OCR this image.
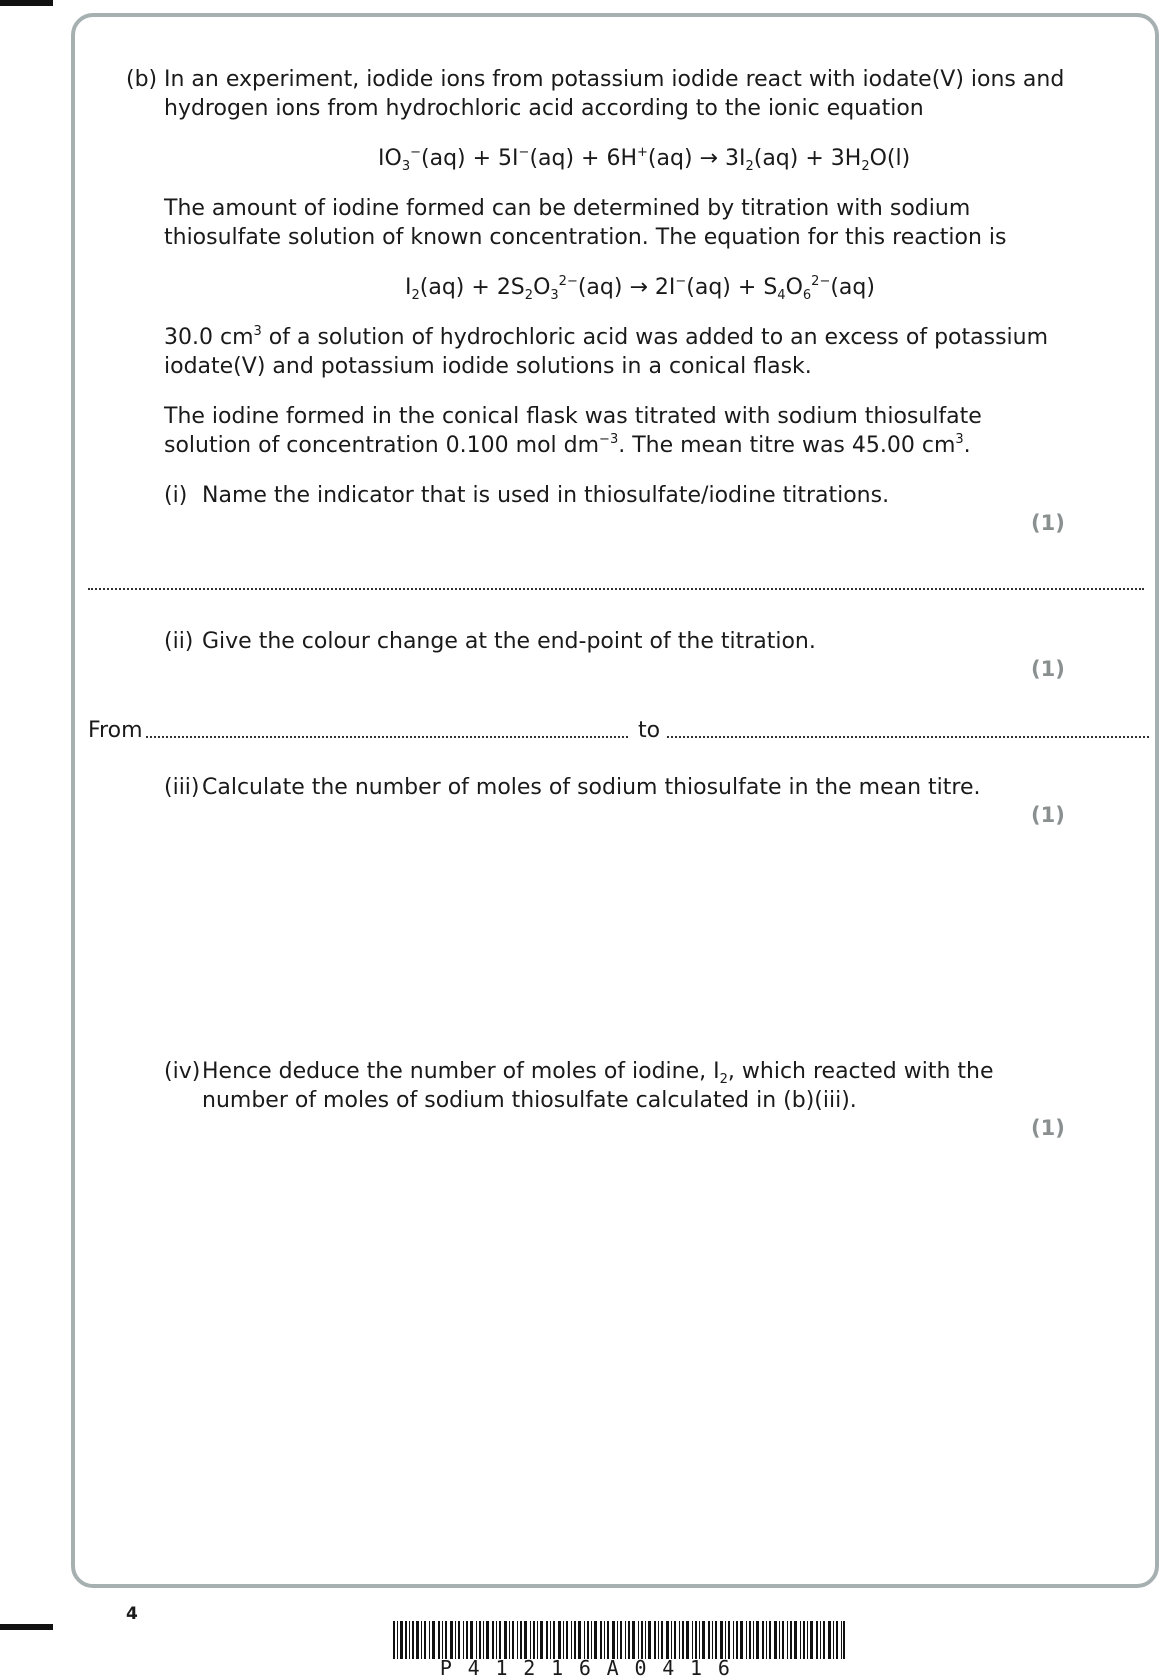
(b) In an experiment, iodide ions from potassium iodide react with iodate(V) ions and
hydrogen ions from hydrochloric acid according to the ionic equation
$IO_3^-(aq) + 5I^-(aq) + 6H^+(aq) \to 3I_2(aq) + 3H_2O(l)$
The amount of iodine formed can be determined by titration with sodium
thiosulfate solution of known concentration. The equation for this reaction is
$I_2(aq) + 2S_2O_3^{2-}(aq) \to 2I^-(aq) + S_4O_6^{2-}(aq)$
30.0 $cm^3$ of a solution of hydrochloric acid was added to an excess of potassium
iodate(V) and potassium iodide solutions in a conical flask.
The iodine formed in the conical flask was titrated with sodium thiosulfate
solution of concentration 0.100 mol $dm^{-3}$. The mean titre was 45.00 $cm^3$.
(i) Name the indicator that is used in thiosulfate/iodine titrations.
(1)
(ii) Give the colour change at the end-point of the titration.
(1)
From	to
(iii) Calculate the number of moles of sodium thiosulfate in the mean titre.
(1)
(iv) Hence deduce the number of moles of iodine, $I_2$, which reacted with the
number of moles of sodium thiosulfate calculated in (b)(iii).
(1)
4
P 4 1 2 1 6 A 0 4 1 6
